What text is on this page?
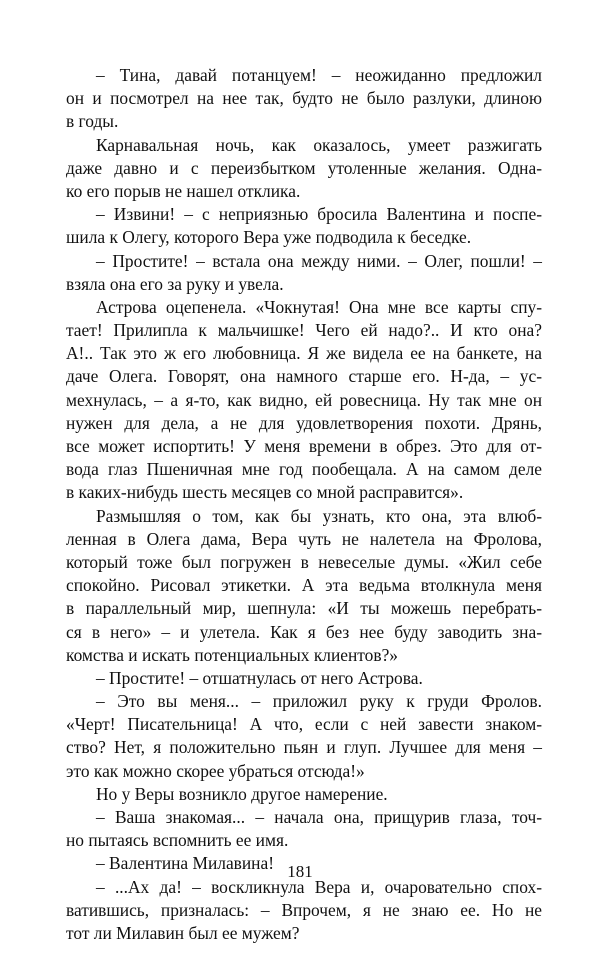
– Тина, давай потанцуем! – неожиданно предложил
он и посмотрел на нее так, будто не было разлуки, длиною
в годы.
Карнавальная ночь, как оказалось, умеет разжигать
даже давно и с переизбытком утоленные желания. Одна-
ко его порыв не нашел отклика.
– Извини! – с неприязнью бросила Валентина и поспе-
шила к Олегу, которого Вера уже подводила к беседке.
– Простите! – встала она между ними. – Олег, пошли! –
взяла она его за руку и увела.
Астрова оцепенела. «Чокнутая! Она мне все карты спу-
тает! Прилипла к мальчишке! Чего ей надо?.. И кто она?
А!.. Так это ж его любовница. Я же видела ее на банкете, на
даче Олега. Говорят, она намного старше его. Н-да, – ус-
мехнулась, – а я-то, как видно, ей ровесница. Ну так мне он
нужен для дела, а не для удовлетворения похоти. Дрянь,
все может испортить! У меня времени в обрез. Это для от-
вода глаз Пшеничная мне год пообещала. А на самом деле
в каких-нибудь шесть месяцев со мной расправится».
Размышляя о том, как бы узнать, кто она, эта влюб-
ленная в Олега дама, Вера чуть не налетела на Фролова,
который тоже был погружен в невеселые думы. «Жил себе
спокойно. Рисовал этикетки. А эта ведьма втолкнула меня
в параллельный мир, шепнула: «И ты можешь перебрать-
ся в него» – и улетела. Как я без нее буду заводить зна-
комства и искать потенциальных клиентов?»
– Простите! – отшатнулась от него Астрова.
– Это вы меня... – приложил руку к груди Фролов.
«Черт! Писательница! А что, если с ней завести знаком-
ство? Нет, я положительно пьян и глуп. Лучшее для меня –
это как можно скорее убраться отсюда!»
Но у Веры возникло другое намерение.
– Ваша знакомая... – начала она, прищурив глаза, точ-
но пытаясь вспомнить ее имя.
– Валентина Милавина!
– ...Ах да! – воскликнула Вера и, очаровательно спох-
ватившись, призналась: – Впрочем, я не знаю ее. Но не
тот ли Милавин был ее мужем?
181
